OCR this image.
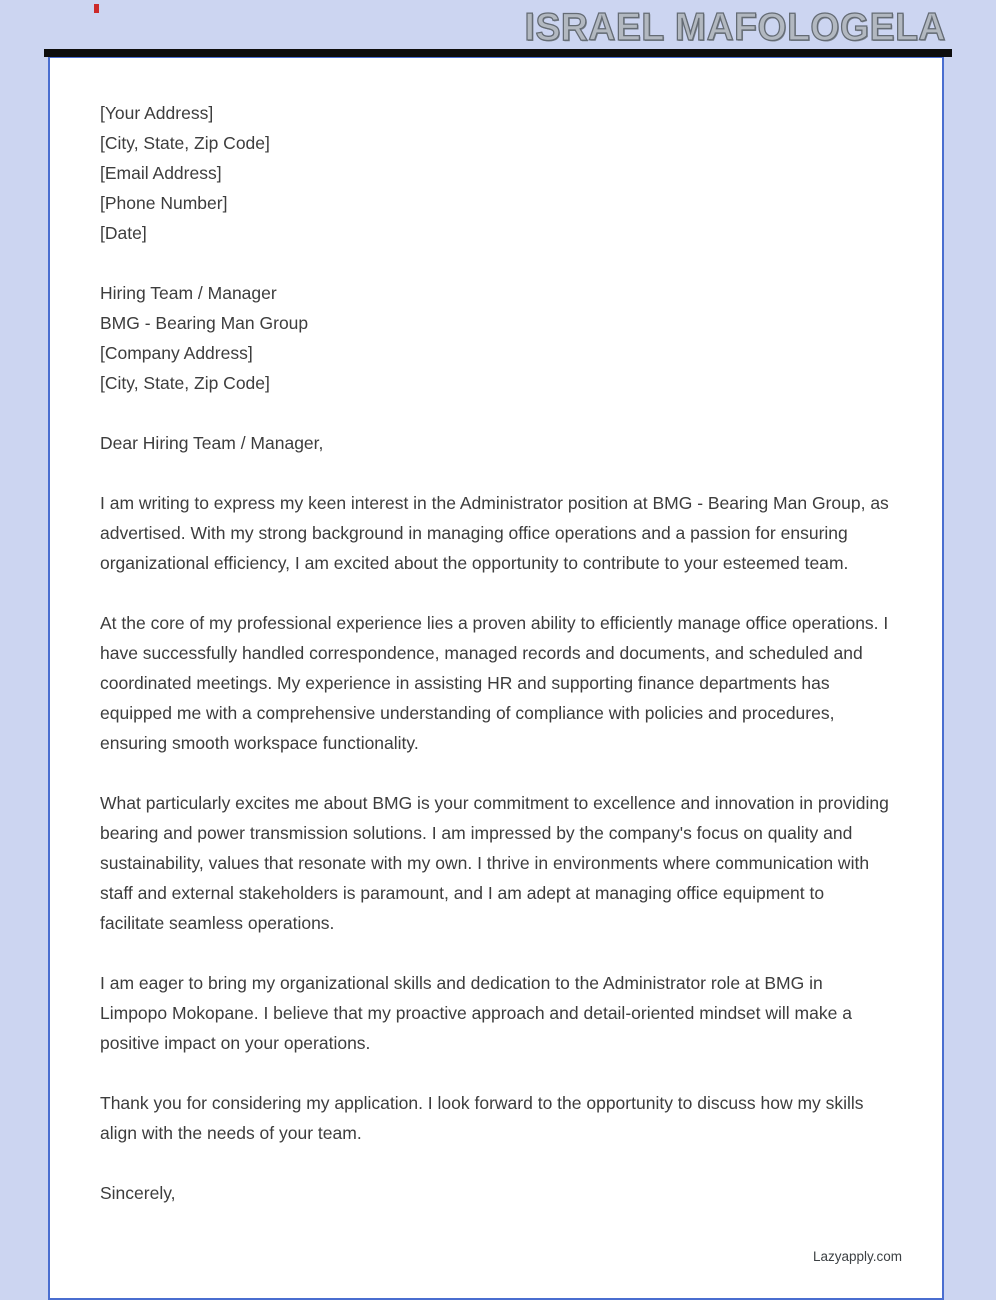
ISRAEL MAFOLOGELA
[Your Address]
[City, State, Zip Code]
[Email Address]
[Phone Number]
[Date]
Hiring Team / Manager
BMG - Bearing Man Group
[Company Address]
[City, State, Zip Code]
Dear Hiring Team / Manager,

I am writing to express my keen interest in the Administrator position at BMG - Bearing Man Group, as advertised. With my strong background in managing office operations and a passion for ensuring organizational efficiency, I am excited about the opportunity to contribute to your esteemed team.

At the core of my professional experience lies a proven ability to efficiently manage office operations. I have successfully handled correspondence, managed records and documents, and scheduled and coordinated meetings. My experience in assisting HR and supporting finance departments has equipped me with a comprehensive understanding of compliance with policies and procedures, ensuring smooth workspace functionality.

What particularly excites me about BMG is your commitment to excellence and innovation in providing bearing and power transmission solutions. I am impressed by the company's focus on quality and sustainability, values that resonate with my own. I thrive in environments where communication with staff and external stakeholders is paramount, and I am adept at managing office equipment to facilitate seamless operations.

I am eager to bring my organizational skills and dedication to the Administrator role at BMG in Limpopo Mokopane. I believe that my proactive approach and detail-oriented mindset will make a positive impact on your operations.

Thank you for considering my application. I look forward to the opportunity to discuss how my skills align with the needs of your team.

Sincerely,
Lazyapply.com
